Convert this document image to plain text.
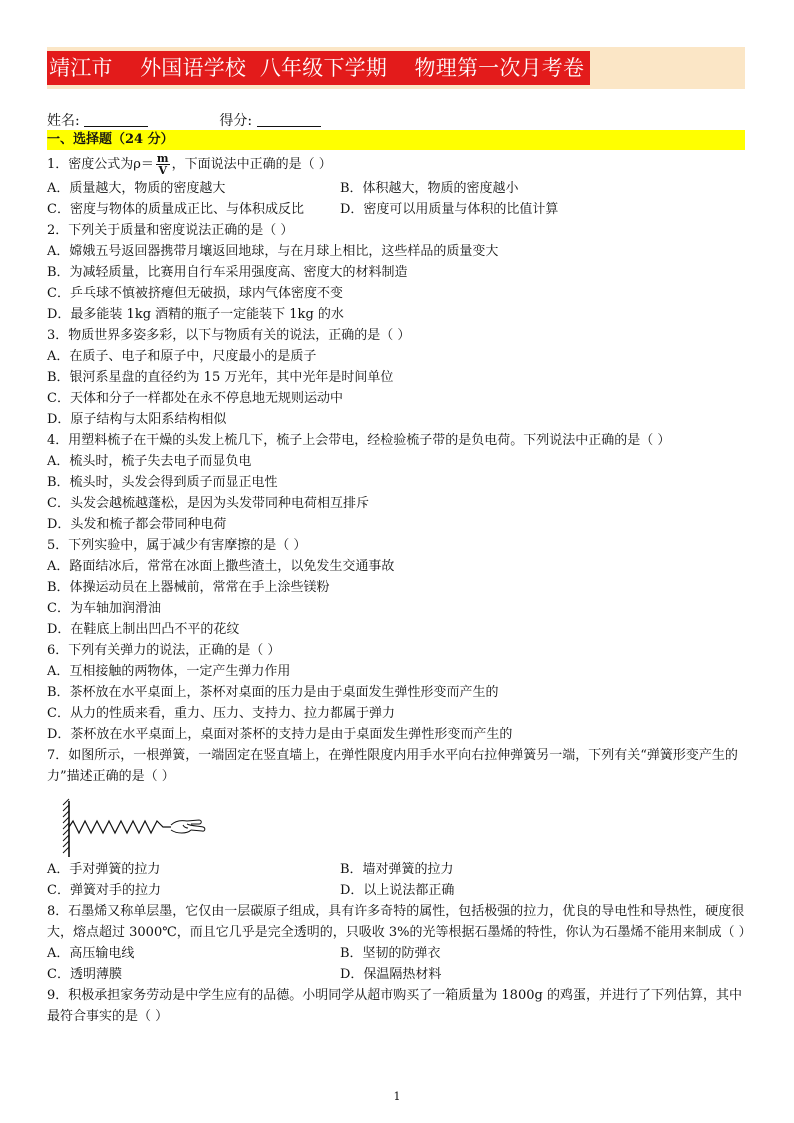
靖江市    外国语学校  八年级下学期    物理第一次月考卷
姓名:	得分:
一、选择题（24 分）
1．密度公式为$\rho= \frac{m}{V}$ ，下面说法中正确的是（ ）
A．质量越大，物质的密度越大	B．体积越大，物质的密度越小
C．密度与物体的质量成正比、与体积成反比	D．密度可以用质量与体积的比值计算
2．下列关于质量和密度说法正确的是（ ）
A．嫦娥五号返回器携带月壤返回地球，与在月球上相比，这些样品的质量变大
B．为减轻质量，比赛用自行车采用强度高、密度大的材料制造
C．乒乓球不慎被挤瘪但无破损，球内气体密度不变
D．最多能装 1kg 酒精的瓶子一定能装下 1kg 的水
3．物质世界多姿多彩，以下与物质有关的说法，正确的是（ ）
A．在质子、电子和原子中，尺度最小的是质子
B．银河系星盘的直径约为 15 万光年，其中光年是时间单位
C．天体和分子一样都处在永不停息地无规则运动中
D．原子结构与太阳系结构相似
4．用塑料梳子在干燥的头发上梳几下，梳子上会带电，经检验梳子带的是负电荷。下列说法中正确的是（ ）
A．梳头时，梳子失去电子而显负电
B．梳头时，头发会得到质子而显正电性
C．头发会越梳越蓬松，是因为头发带同种电荷相互排斥
D．头发和梳子都会带同种电荷
5．下列实验中，属于减少有害摩擦的是（ ）
A．路面结冰后，常常在冰面上撒些渣土，以免发生交通事故
B．体操运动员在上器械前，常常在手上涂些镁粉
C．为车轴加润滑油
D．在鞋底上制出凹凸不平的花纹
6．下列有关弹力的说法，正确的是（ ）
A．互相接触的两物体，一定产生弹力作用
B．茶杯放在水平桌面上，茶杯对桌面的压力是由于桌面发生弹性形变而产生的
C．从力的性质来看，重力、压力、支持力、拉力都属于弹力
D．茶杯放在水平桌面上，桌面对茶杯的支持力是由于桌面发生弹性形变而产生的
7．如图所示，一根弹簧，一端固定在竖直墙上，在弹性限度内用手水平向右拉伸弹簧另一端，下列有关“弹簧形变产生的力”描述正确的是（ ）
A．手对弹簧的拉力	B．墙对弹簧的拉力
C．弹簧对手的拉力	D．以上说法都正确
8．石墨烯又称单层墨，它仅由一层碳原子组成，具有许多奇特的属性，包括极强的拉力，优良的导电性和导热性，硬度很大，熔点超过 3000℃，而且它几乎是完全透明的，只吸收 3%的光等根据石墨烯的特性，你认为石墨烯不能用来制成（ ）
A．高压输电线	B．坚韧的防弹衣
C．透明薄膜	D．保温隔热材料
9．积极承担家务劳动是中学生应有的品德。小明同学从超市购买了一箱质量为 1800g 的鸡蛋，并进行了下列估算，其中最符合事实的是（ ）
1
